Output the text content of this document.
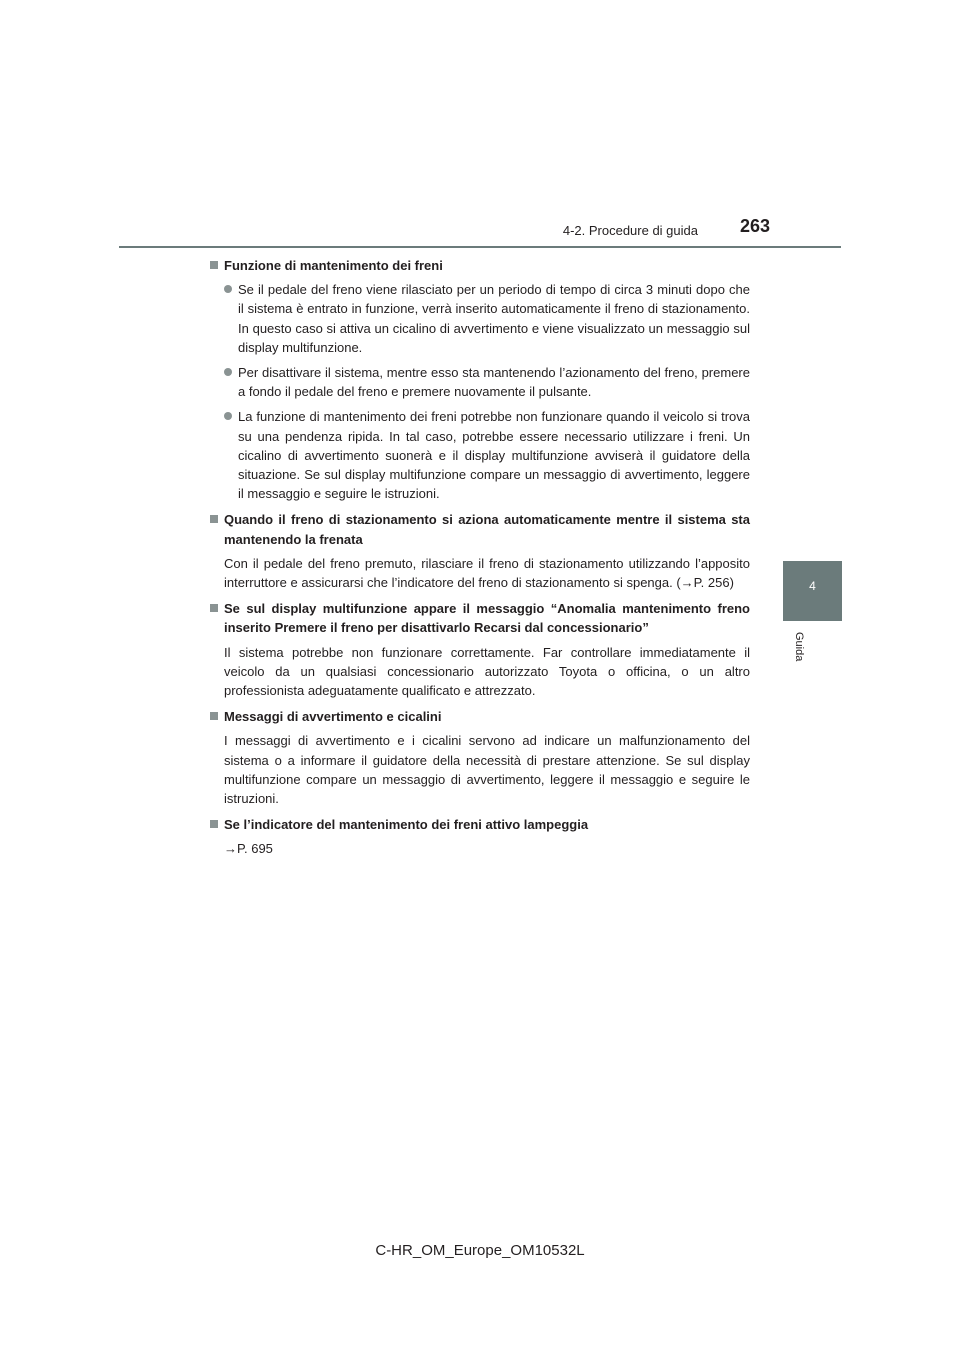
4-2. Procedure di guida 263
4
Guida
Funzione di mantenimento dei freni
Se il pedale del freno viene rilasciato per un periodo di tempo di circa 3 minuti dopo che il sistema è entrato in funzione, verrà inserito automaticamente il freno di stazionamento. In questo caso si attiva un cicalino di avvertimento e viene visualizzato un messaggio sul display multifunzione.
Per disattivare il sistema, mentre esso sta mantenendo l’azionamento del freno, premere a fondo il pedale del freno e premere nuovamente il pulsante.
La funzione di mantenimento dei freni potrebbe non funzionare quando il veicolo si trova su una pendenza ripida. In tal caso, potrebbe essere necessario utilizzare i freni. Un cicalino di avvertimento suonerà e il display multifunzione avviserà il guidatore della situazione. Se sul display multifunzione compare un messaggio di avvertimento, leggere il messaggio e seguire le istruzioni.
Quando il freno di stazionamento si aziona automaticamente mentre il sistema sta mantenendo la frenata
Con il pedale del freno premuto, rilasciare il freno di stazionamento utilizzando l’apposito interruttore e assicurarsi che l’indicatore del freno di stazionamento si spenga. (→P. 256)
Se sul display multifunzione appare il messaggio “Anomalia mantenimento freno inserito Premere il freno per disattivarlo Recarsi dal concessionario”
Il sistema potrebbe non funzionare correttamente. Far controllare immediatamente il veicolo da un qualsiasi concessionario autorizzato Toyota o officina, o un altro professionista adeguatamente qualificato e attrezzato.
Messaggi di avvertimento e cicalini
I messaggi di avvertimento e i cicalini servono ad indicare un malfunzionamento del sistema o a informare il guidatore della necessità di prestare attenzione. Se sul display multifunzione compare un messaggio di avvertimento, leggere il messaggio e seguire le istruzioni.
Se l’indicatore del mantenimento dei freni attivo lampeggia
→P. 695
C-HR_OM_Europe_OM10532L
